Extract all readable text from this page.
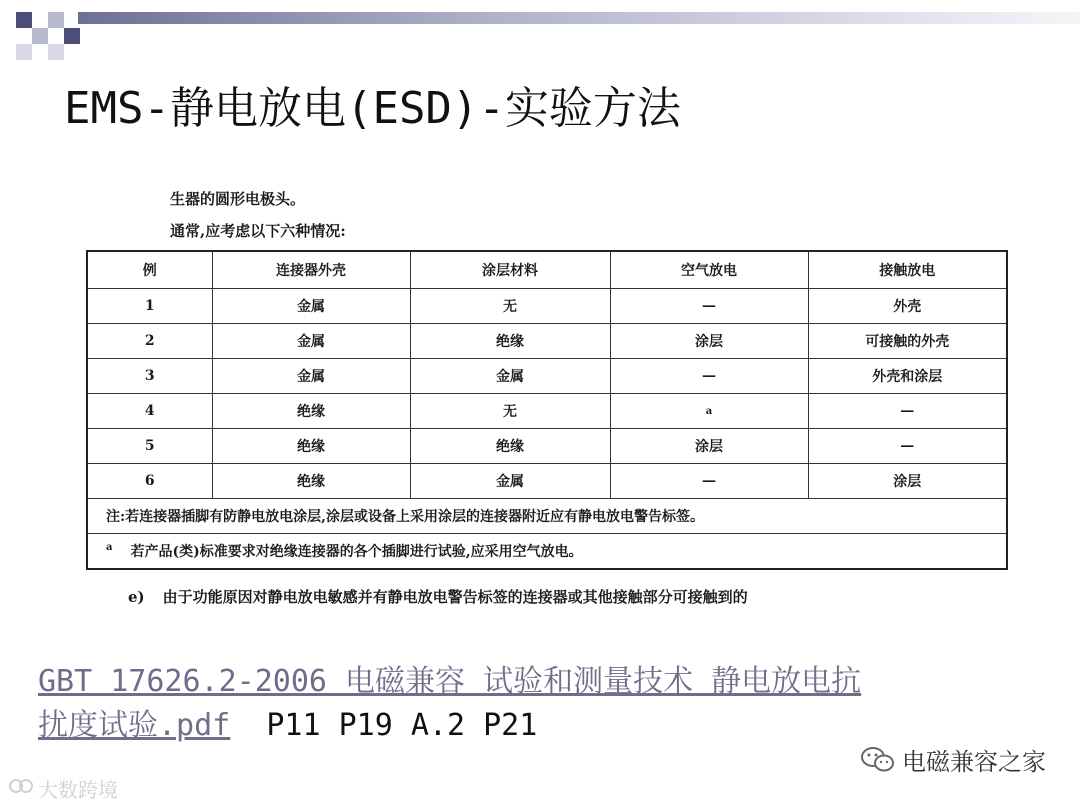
EMS-静电放电(ESD)-实验方法
生器的圆形电极头。
通常,应考虑以下六种情况:
例	连接器外壳	涂层材料	空气放电	接触放电
1	金属	无	—	外壳
2	金属	绝缘	涂层	可接触的外壳
3	金属	金属	—	外壳和涂层
4	绝缘	无	a	—
5	绝缘	绝缘	涂层	—
6	绝缘	金属	—	涂层
注:若连接器插脚有防静电放电涂层,涂层或设备上采用涂层的连接器附近应有静电放电警告标签。				
$^a$ 若产品(类)标准要求对绝缘连接器的各个插脚进行试验,应采用空气放电。				
e) 由于功能原因对静电放电敏感并有静电放电警告标签的连接器或其他接触部分可接触到的
GBT 17626.2-2006 电磁兼容 试验和测量技术 静电放电抗
扰度试验.pdf P11 P19 A.2 P21
电磁兼容之家
大数跨境
